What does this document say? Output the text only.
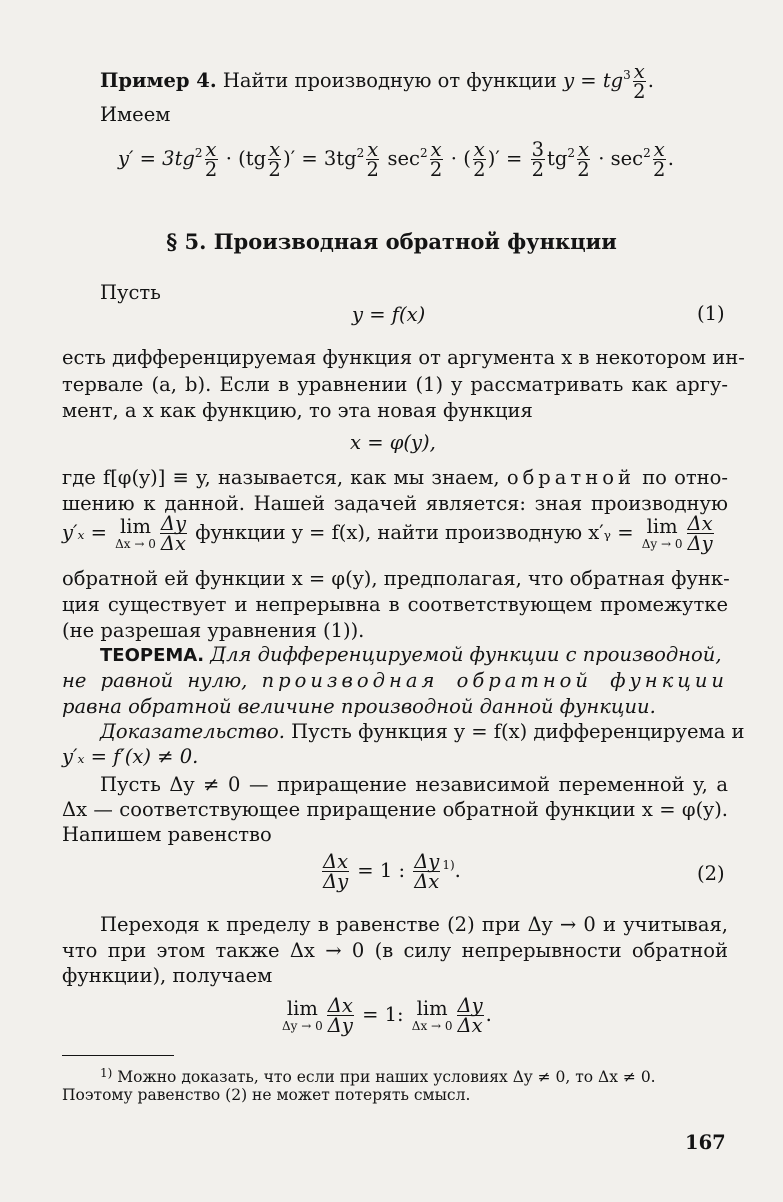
Пример 4. Найти производную от функции $y = tg^3 \frac{x}{2}$ .
Имеем
$y' = 3tg^2 \frac{x}{2} \cdot (tg \frac{x}{2}$ )′ = $3tg^2 \frac{x}{2} \sec^2 \frac{x}{2}$ · ( $\frac{x}{2}$ )′ = $\frac{3}{2} tg^2 \frac{x}{2} \cdot \sec^2 \frac{x}{2}$ .
§ 5. Производная обратной функции
Пусть
y = f(x)	(1)
есть дифференцируемая функция от аргумента x в некотором ин-
тервале (a, b). Если в уравнении (1) y рассматривать как аргу-
мент, а x как функцию, то эта новая функция
x = φ(y),
где f[φ(y)] ≡ y, называется, как мы знаем, обратной по отно-
шению к данной. Нашей задачей является: зная производную
y′ₓ = lim
$\Delta x \to 0 \frac{\Delta y}{\Delta x}$ функции y = f(x), найти производную x′ᵧ = lim
$\Delta y \to 0 \frac{\Delta x}{\Delta y}$
обратной ей функции x = φ(y), предполагая, что обратная функ-
ция существует и непрерывна в соответствующем промежутке
(не разрешая уравнения (1)).
ТЕОРЕМА. Для дифференцируемой функции с производной,
не равной нулю, производная обратной функции
равна обратной величине производной данной функции.
Доказательство. Пусть функция y = f(x) дифференцируема и
y′ₓ = f′(x) ≠ 0.
Пусть Δy ≠ 0 — приращение независимой переменной y, а
Δx — соответствующее приращение обратной функции x = φ(y).
Напишем равенство
$\frac{\Delta x}{\Delta y} = 1$ : $\frac{\Delta y}{\Delta x} ^{1)}$.	(2)
Переходя к пределу в равенстве (2) при Δy → 0 и учитывая,
что при этом также Δx → 0 (в силу непрерывности обратной
функции), получаем
lim
$\Delta y \to 0 \frac{\Delta x}{\Delta y} = 1$: lim
$\Delta x \to 0 \frac{\Delta y}{\Delta x}$ .
$^{1)}$ Можно доказать, что если при наших условиях Δy ≠ 0, то Δx ≠ 0.
Поэтому равенство (2) не может потерять смысл.
167
